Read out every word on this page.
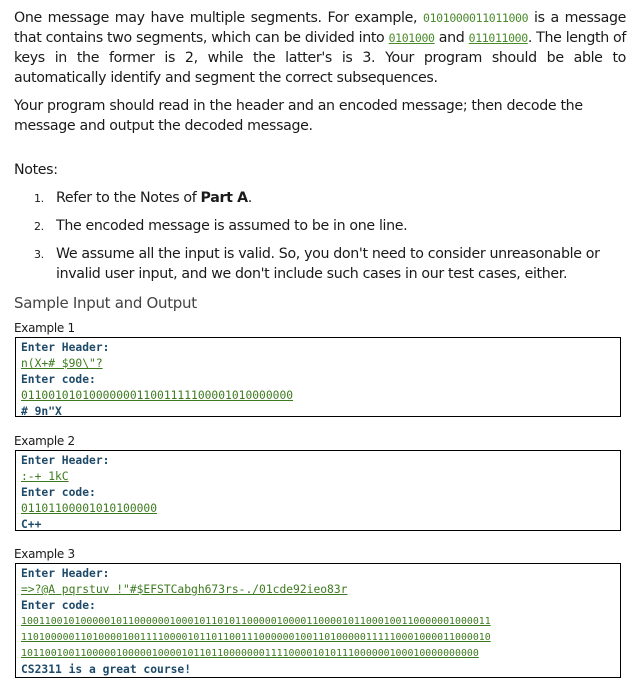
One message may have multiple segments. For example, 0101000011011000 is a message that contains two segments, which can be divided into 0101000 and 011011000. The length of keys in the former is 2, while the latter's is 3. Your program should be able to automatically identify and segment the correct subsequences.
Your program should read in the header and an encoded message; then decode the message and output the decoded message.
Notes:
1. Refer to the Notes of Part A.
2. The encoded message is assumed to be in one line.
3. We assume all the input is valid. So, you don't need to consider unreasonable or invalid user input, and we don't include such cases in our test cases, either.
Sample Input and Output
Example 1
Enter Header:
n(X+# $90\"?
Enter code:
0110010101000000011001111100001010000000
# 9n"X
Example 2
Enter Header:
:-+ 1kC
Enter code:
01101100001010100000
C++
Example 3
Enter Header:
=>?@A pqrstuv !"#$EFSTCabgh673rs-./01cde92ieo83r
Enter code:
1001100101000001011000000100010110101100000100001100001011000100110000001000011
1101000001101000010011110000101101100111000000100110100000111110001000011000010
10110010011000001000001000010110110000000111100001010111000000100010000000000
CS2311 is a great course!
